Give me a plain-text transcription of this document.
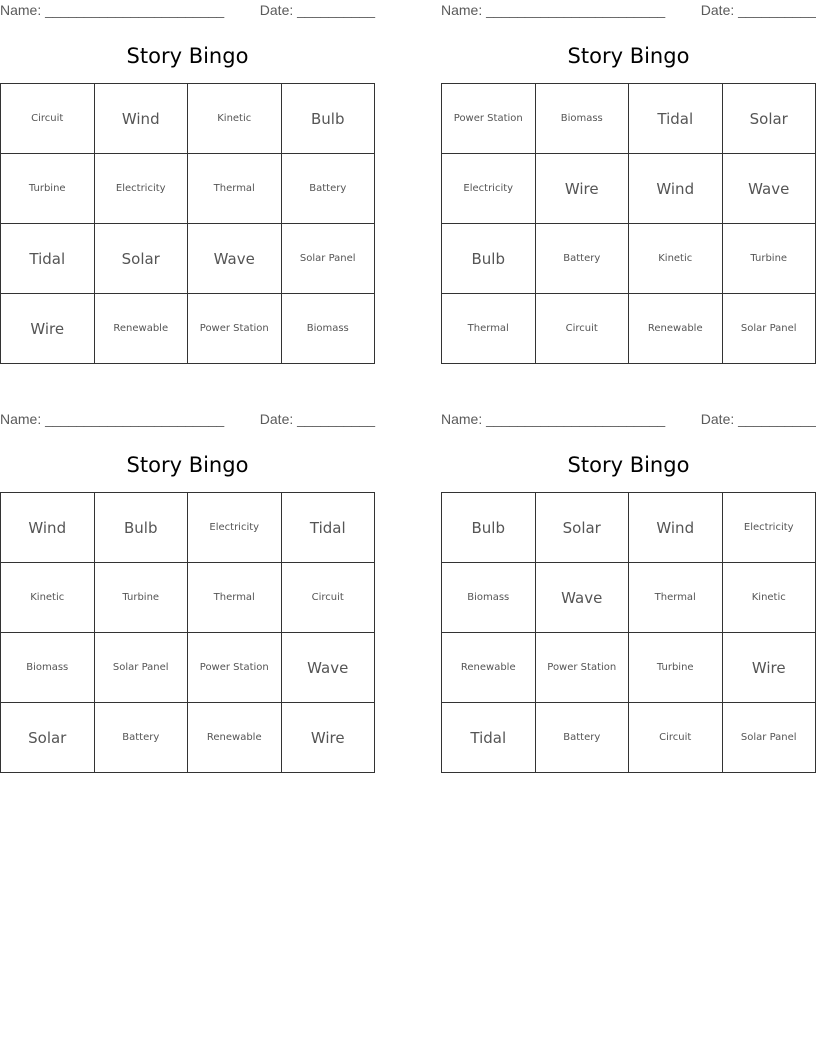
Name: _______________________	Date: __________
Story Bingo
Circuit	Wind	Kinetic	Bulb
Turbine	Electricity	Thermal	Battery
Tidal	Solar	Wave	Solar Panel
Wire	Renewable	Power Station	Biomass
Name: _______________________	Date: __________
Story Bingo
Power Station	Biomass	Tidal	Solar
Electricity	Wire	Wind	Wave
Bulb	Battery	Kinetic	Turbine
Thermal	Circuit	Renewable	Solar Panel
Name: _______________________	Date: __________
Story Bingo
Wind	Bulb	Electricity	Tidal
Kinetic	Turbine	Thermal	Circuit
Biomass	Solar Panel	Power Station	Wave
Solar	Battery	Renewable	Wire
Name: _______________________	Date: __________
Story Bingo
Bulb	Solar	Wind	Electricity
Biomass	Wave	Thermal	Kinetic
Renewable	Power Station	Turbine	Wire
Tidal	Battery	Circuit	Solar Panel
